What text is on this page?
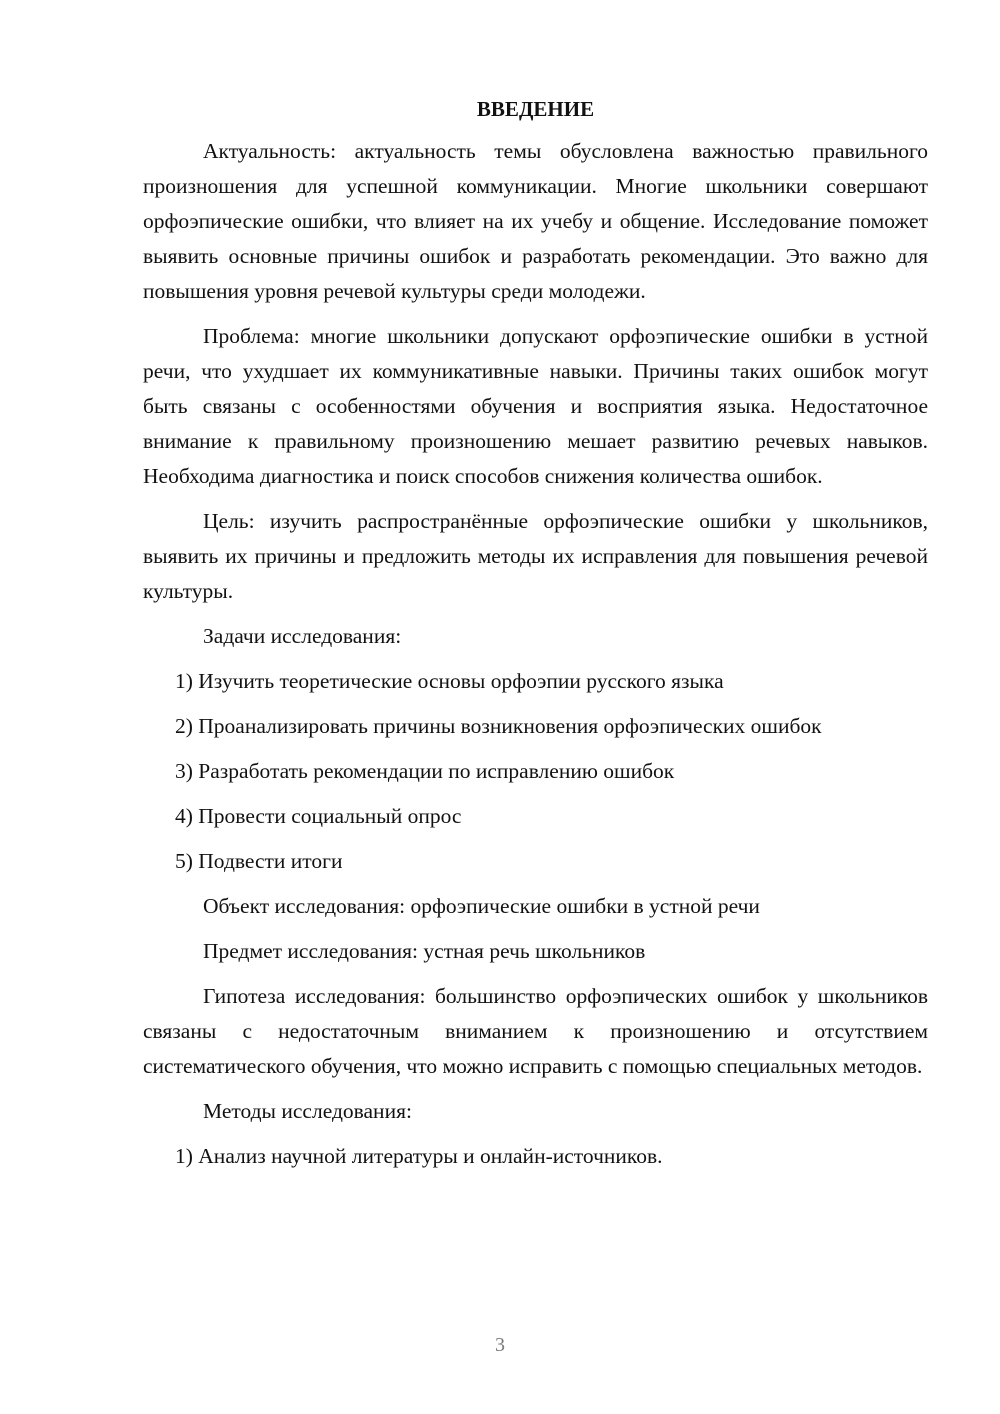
ВВЕДЕНИЕ
Актуальность: актуальность темы обусловлена важностью правильного произношения для успешной коммуникации. Многие школьники совершают орфоэпические ошибки, что влияет на их учебу и общение. Исследование поможет выявить основные причины ошибок и разработать рекомендации. Это важно для повышения уровня речевой культуры среди молодежи.
Проблема: многие школьники допускают орфоэпические ошибки в устной речи, что ухудшает их коммуникативные навыки. Причины таких ошибок могут быть связаны с особенностями обучения и восприятия языка. Недостаточное внимание к правильному произношению мешает развитию речевых навыков. Необходима диагностика и поиск способов снижения количества ошибок.
Цель: изучить распространённые орфоэпические ошибки у школьников, выявить их причины и предложить методы их исправления для повышения речевой культуры.
Задачи исследования:
1) Изучить теоретические основы орфоэпии русского языка
2) Проанализировать причины возникновения орфоэпических ошибок
3) Разработать рекомендации по исправлению ошибок
4) Провести социальный опрос
5) Подвести итоги
Объект исследования: орфоэпические ошибки в устной речи
Предмет исследования: устная речь школьников
Гипотеза исследования: большинство орфоэпических ошибок у школьников связаны с недостаточным вниманием к произношению и отсутствием систематического обучения, что можно исправить с помощью специальных методов.
Методы исследования:
1) Анализ научной литературы и онлайн-источников.
3
